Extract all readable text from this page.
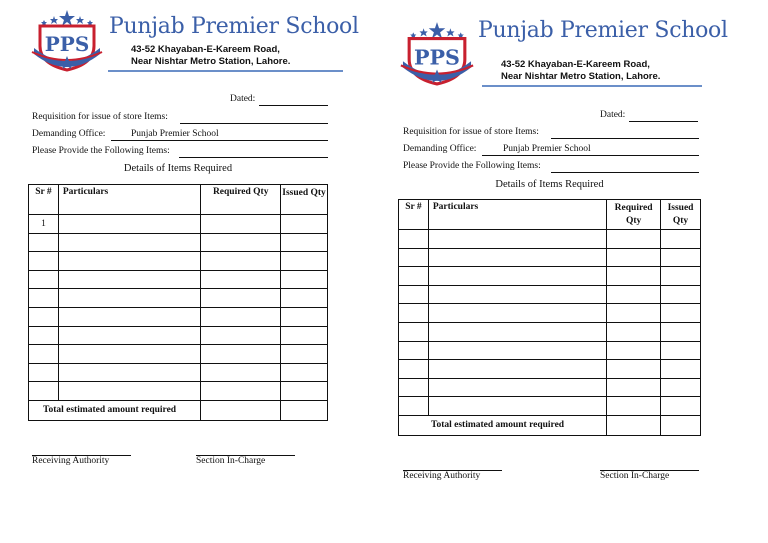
PPS
Punjab Premier School
43-52 Khayaban-E-Kareem Road,
Near Nishtar Metro Station, Lahore.
Dated:
Requisition for issue of store Items:
Demanding Office:	Punjab Premier School
Please Provide the Following Items:
Details of Items Required
Sr #	Particulars	Required Qty	Issued Qty
1			

Total estimated amount required			
Receiving Authority	Section In-Charge
PPS
Punjab Premier School
43-52 Khayaban-E-Kareem Road,
Near Nishtar Metro Station, Lahore.
Dated:
Requisition for issue of store Items:
Demanding Office:	Punjab Premier School
Please Provide the Following Items:
Details of Items Required
Sr #	Particulars	Required Qty	Issued Qty

Total estimated amount required			
Receiving Authority	Section In-Charge
